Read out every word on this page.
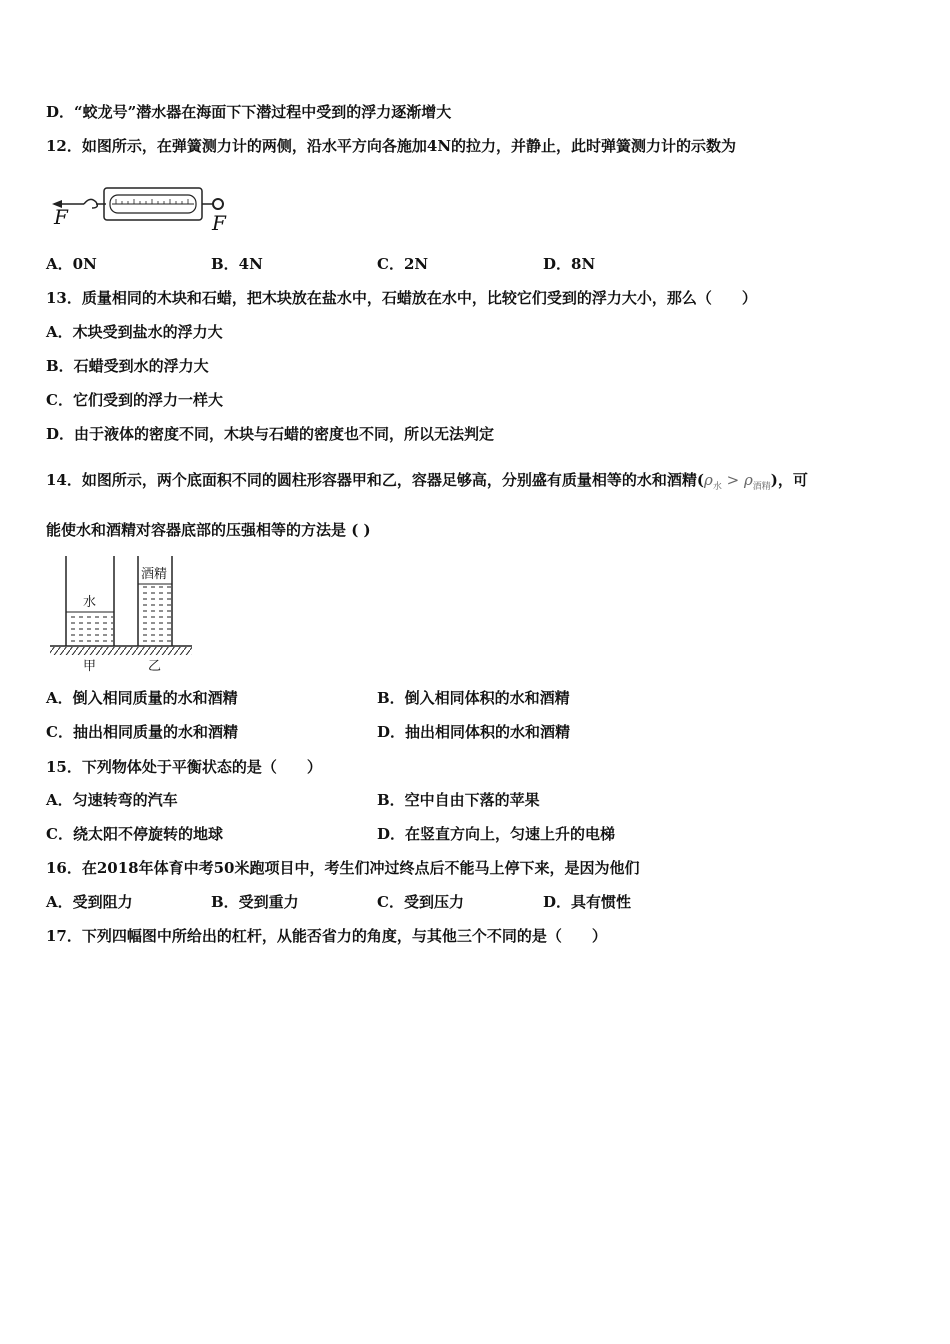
D．“蛟龙号”潜水器在海面下下潜过程中受到的浮力逐渐增大
12．如图所示，在弹簧测力计的两侧，沿水平方向各施加4N的拉力，并静止，此时弹簧测力计的示数为
F	F
A．0N	B．4N	C．2N	D．8N
13．质量相同的木块和石蜡，把木块放在盐水中，石蜡放在水中，比较它们受到的浮力大小，那么（　　）
A．木块受到盐水的浮力大
B．石蜡受到水的浮力大
C．它们受到的浮力一样大
D．由于液体的密度不同，木块与石蜡的密度也不同，所以无法判定
14．如图所示，两个底面积不同的圆柱形容器甲和乙，容器足够高，分别盛有质量相等的水和酒精$(\rho_水 > \rho_{酒精})$，可
能使水和酒精对容器底部的压强相等的方法是 ( )
水
酒精
甲	乙
A．倒入相同质量的水和酒精	B．倒入相同体积的水和酒精
C．抽出相同质量的水和酒精	D．抽出相同体积的水和酒精
15．下列物体处于平衡状态的是（　　）
A．匀速转弯的汽车	B．空中自由下落的苹果
C．绕太阳不停旋转的地球	D．在竖直方向上，匀速上升的电梯
16．在2018年体育中考50米跑项目中，考生们冲过终点后不能马上停下来，是因为他们
A．受到阻力	B．受到重力	C．受到压力	D．具有惯性
17．下列四幅图中所给出的杠杆，从能否省力的角度，与其他三个不同的是（　　）
